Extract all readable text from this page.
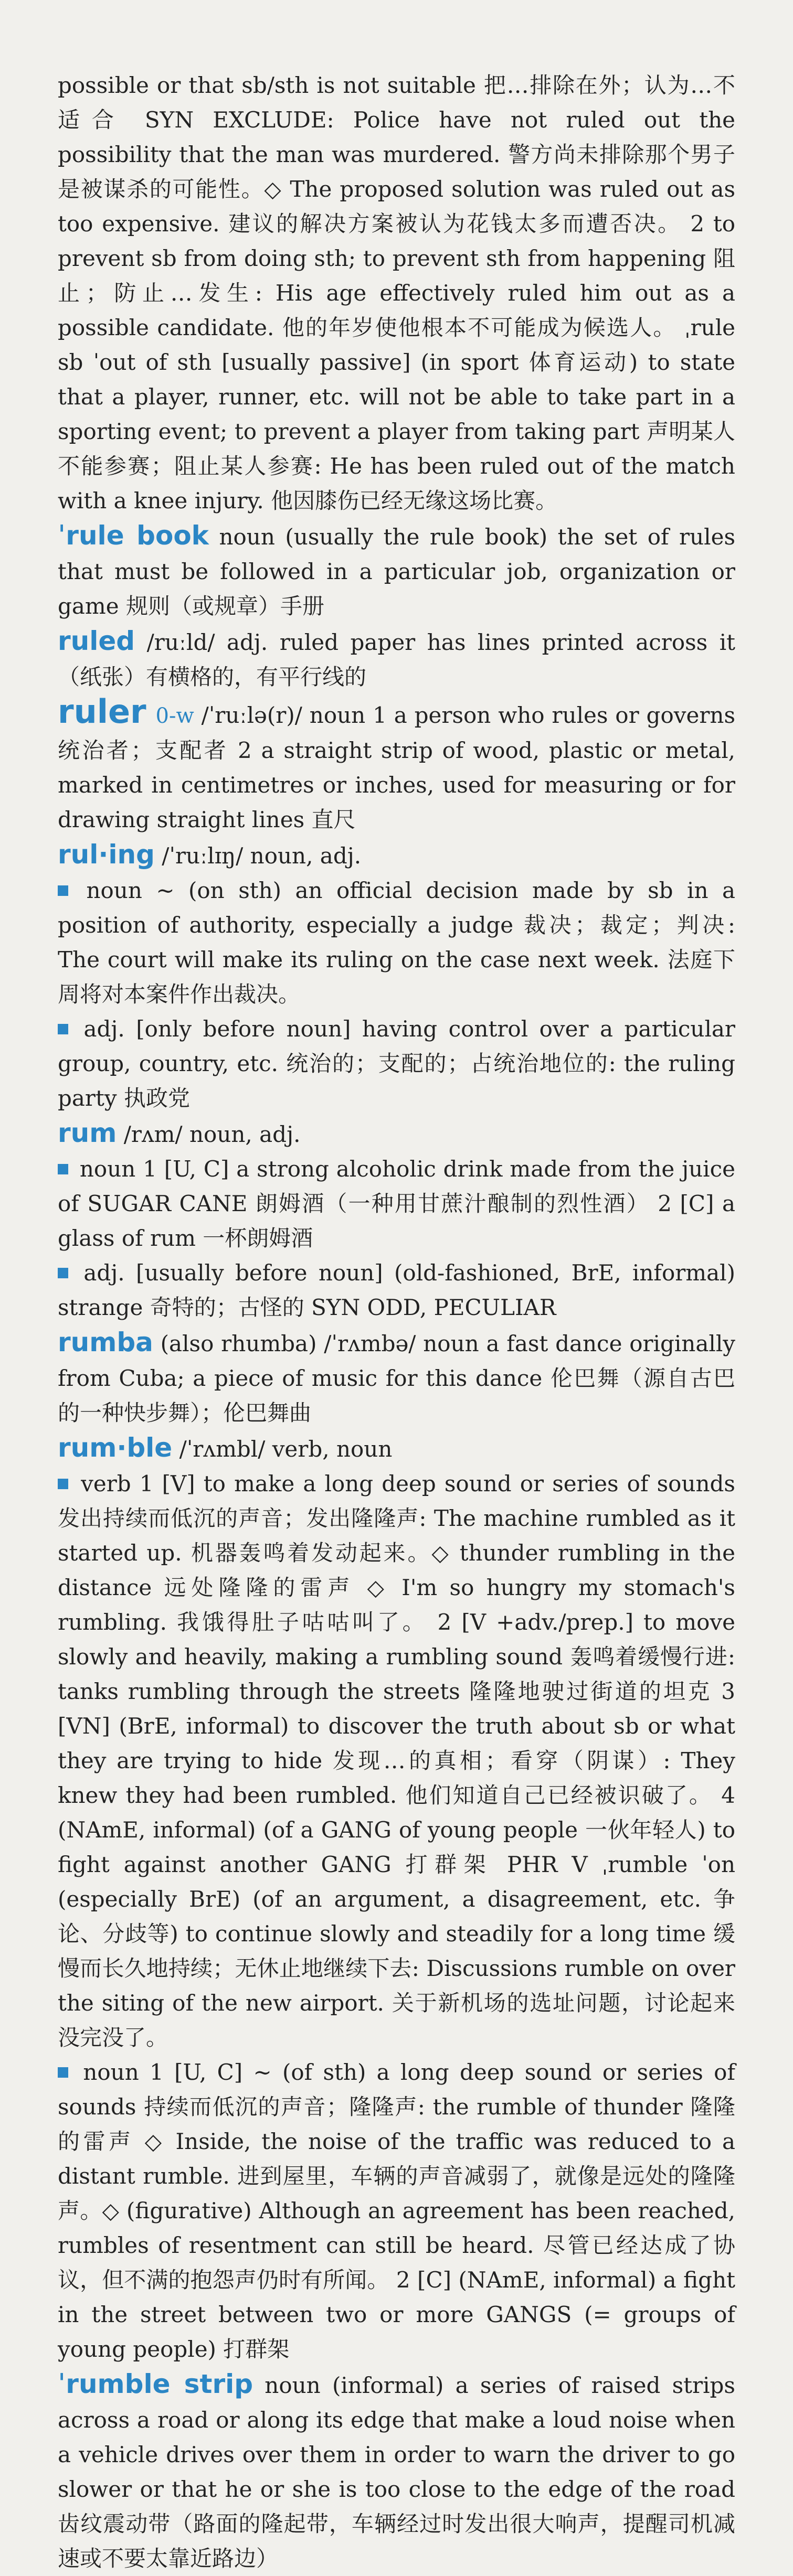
possible or that sb/sth is not suitable 把…排除在外；认为…不适合 SYN EXCLUDE: Police have not ruled out the possibility that the man was murdered. 警方尚未排除那个男子是被谋杀的可能性。◇ The proposed solution was ruled out as too expensive. 建议的解决方案被认为花钱太多而遭否决。 2 to prevent sb from doing sth; to prevent sth from happening 阻止；防止…发生: His age effectively ruled him out as a possible candidate. 他的年岁使他根本不可能成为候选人。 ˌrule sb ˈout of sth [usually passive] (in sport 体育运动) to state that a player, runner, etc. will not be able to take part in a sporting event; to prevent a player from taking part 声明某人不能参赛；阻止某人参赛: He has been ruled out of the match with a knee injury. 他因膝伤已经无缘这场比赛。

ˈrule book noun (usually the rule book) the set of rules that must be followed in a particular job, organization or game 规则（或规章）手册

ruled /ruːld/ adj. ruled paper has lines printed across it （纸张）有横格的，有平行线的

ruler 0-w /ˈruːlə(r)/ noun 1 a person who rules or governs 统治者；支配者 2 a straight strip of wood, plastic or metal, marked in centimetres or inches, used for measuring or for drawing straight lines 直尺

rul·ing /ˈruːlɪŋ/ noun, adj.

noun ~ (on sth) an official decision made by sb in a position of authority, especially a judge 裁决；裁定；判决: The court will make its ruling on the case next week. 法庭下周将对本案件作出裁决。

adj. [only before noun] having control over a particular group, country, etc. 统治的；支配的；占统治地位的: the ruling party 执政党

rum /rʌm/ noun, adj.

noun 1 [U, C] a strong alcoholic drink made from the juice of SUGAR CANE 朗姆酒（一种用甘蔗汁酿制的烈性酒） 2 [C] a glass of rum 一杯朗姆酒

adj. [usually before noun] (old-fashioned, BrE, informal) strange 奇特的；古怪的 SYN ODD, PECULIAR

rumba (also rhumba) /ˈrʌmbə/ noun a fast dance originally from Cuba; a piece of music for this dance 伦巴舞（源自古巴的一种快步舞）；伦巴舞曲

rum·ble /ˈrʌmbl/ verb, noun

verb 1 [V] to make a long deep sound or series of sounds 发出持续而低沉的声音；发出隆隆声: The machine rumbled as it started up. 机器轰鸣着发动起来。◇ thunder rumbling in the distance 远处隆隆的雷声 ◇ I'm so hungry my stomach's rumbling. 我饿得肚子咕咕叫了。 2 [V +adv./prep.] to move slowly and heavily, making a rumbling sound 轰鸣着缓慢行进: tanks rumbling through the streets 隆隆地驶过街道的坦克 3 [VN] (BrE, informal) to discover the truth about sb or what they are trying to hide 发现…的真相；看穿（阴谋）: They knew they had been rumbled. 他们知道自己已经被识破了。 4 (NAmE, informal) (of a GANG of young people 一伙年轻人) to fight against another GANG 打群架 PHR V ˌrumble ˈon (especially BrE) (of an argument, a disagreement, etc. 争论、分歧等) to continue slowly and steadily for a long time 缓慢而长久地持续；无休止地继续下去: Discussions rumble on over the siting of the new airport. 关于新机场的选址问题，讨论起来没完没了。

noun 1 [U, C] ~ (of sth) a long deep sound or series of sounds 持续而低沉的声音；隆隆声: the rumble of thunder 隆隆的雷声 ◇ Inside, the noise of the traffic was reduced to a distant rumble. 进到屋里，车辆的声音减弱了，就像是远处的隆隆声。◇ (figurative) Although an agreement has been reached, rumbles of resentment can still be heard. 尽管已经达成了协议，但不满的抱怨声仍时有所闻。 2 [C] (NAmE, informal) a fight in the street between two or more GANGS (= groups of young people) 打群架

ˈrumble strip noun (informal) a series of raised strips across a road or along its edge that make a loud noise when a vehicle drives over them in order to warn the driver to go slower or that he or she is too close to the edge of the road 齿纹震动带（路面的隆起带，车辆经过时发出很大响声，提醒司机减速或不要太靠近路边）
